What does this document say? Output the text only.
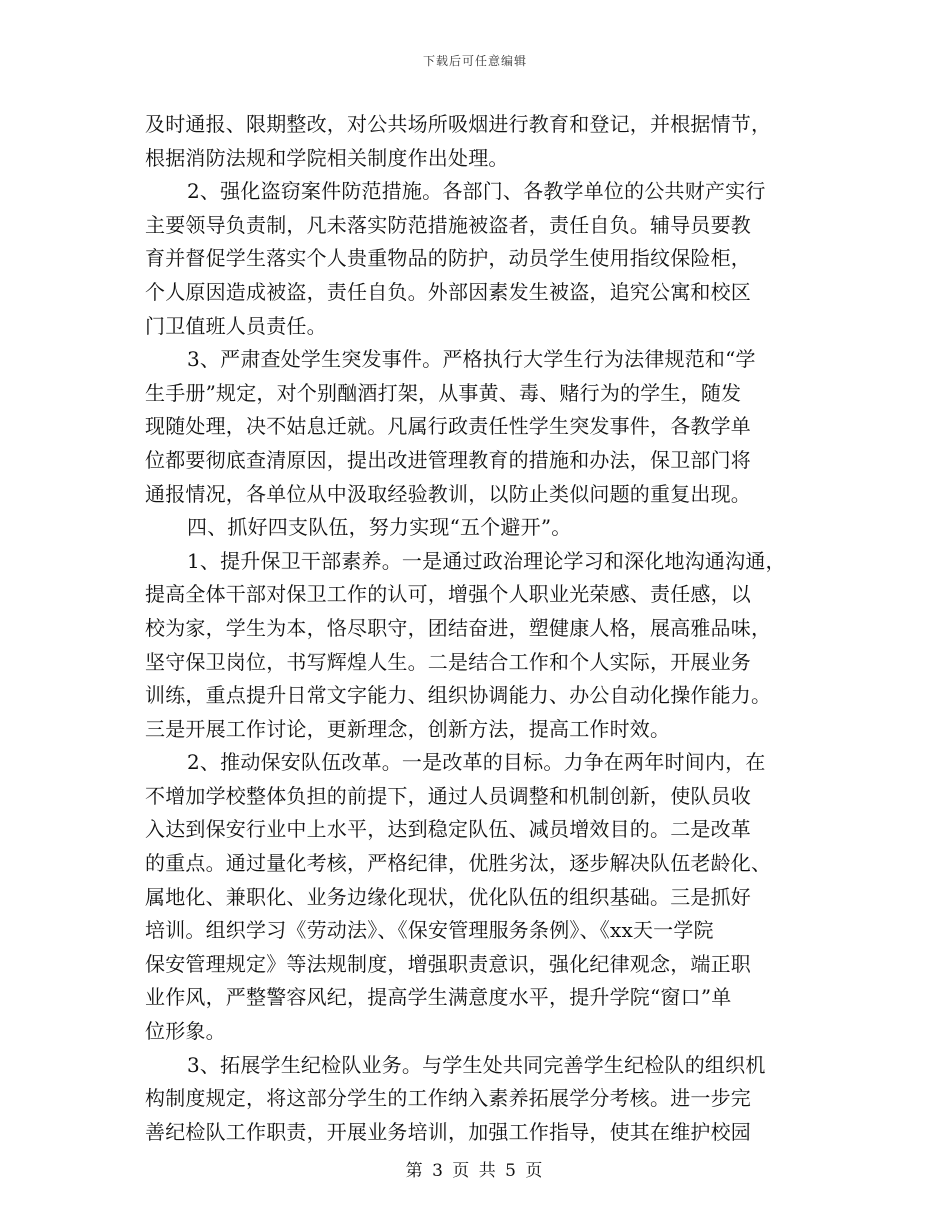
下载后可任意编辑
及时通报、限期整改，对公共场所吸烟进行教育和登记，并根据情节，
根据消防法规和学院相关制度作出处理。
2、强化盗窃案件防范措施。各部门、各教学单位的公共财产实行
主要领导负责制，凡未落实防范措施被盗者，责任自负。辅导员要教
育并督促学生落实个人贵重物品的防护，动员学生使用指纹保险柜，
个人原因造成被盗，责任自负。外部因素发生被盗，追究公寓和校区
门卫值班人员责任。
3、严肃查处学生突发事件。严格执行大学生行为法律规范和“学
生手册”规定，对个别酗酒打架，从事黄、毒、赌行为的学生，随发
现随处理，决不姑息迁就。凡属行政责任性学生突发事件，各教学单
位都要彻底查清原因，提出改进管理教育的措施和办法，保卫部门将
通报情况，各单位从中汲取经验教训，以防止类似问题的重复出现。
四、抓好四支队伍，努力实现“五个避开”。
1、提升保卫干部素养。一是通过政治理论学习和深化地沟通沟通，
提高全体干部对保卫工作的认可，增强个人职业光荣感、责任感，以
校为家，学生为本，恪尽职守，团结奋进，塑健康人格，展高雅品味，
坚守保卫岗位，书写辉煌人生。二是结合工作和个人实际，开展业务
训练，重点提升日常文字能力、组织协调能力、办公自动化操作能力。
三是开展工作讨论，更新理念，创新方法，提高工作时效。
2、推动保安队伍改革。一是改革的目标。力争在两年时间内，在
不增加学校整体负担的前提下，通过人员调整和机制创新，使队员收
入达到保安行业中上水平，达到稳定队伍、减员增效目的。二是改革
的重点。通过量化考核，严格纪律，优胜劣汰，逐步解决队伍老龄化、
属地化、兼职化、业务边缘化现状，优化队伍的组织基础。三是抓好
培训。组织学习《劳动法》、《保安管理服务条例》、《xx天一学院
保安管理规定》等法规制度，增强职责意识，强化纪律观念，端正职
业作风，严整警容风纪，提高学生满意度水平，提升学院“窗口”单
位形象。
3、拓展学生纪检队业务。与学生处共同完善学生纪检队的组织机
构制度规定，将这部分学生的工作纳入素养拓展学分考核。进一步完
善纪检队工作职责，开展业务培训，加强工作指导，使其在维护校园
第 3 页 共 5 页
